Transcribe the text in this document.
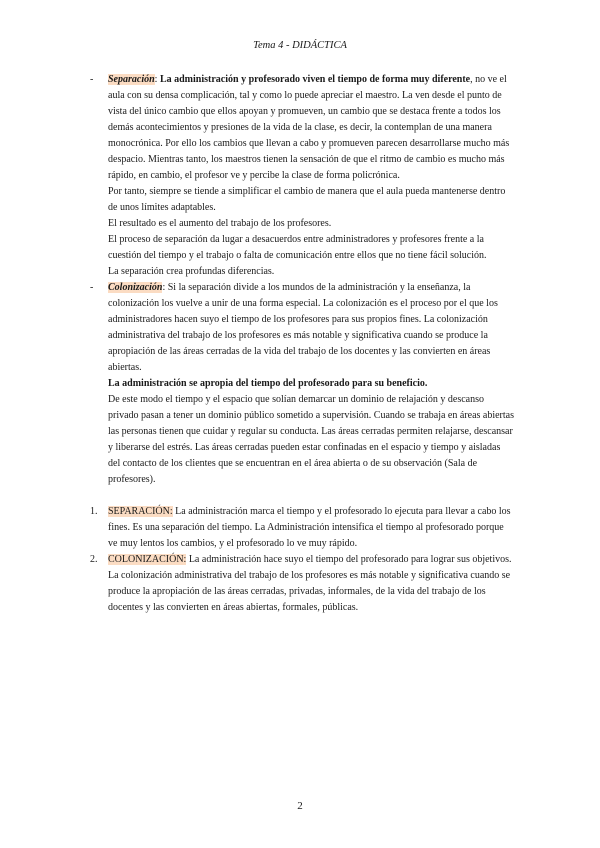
Tema 4 - DIDÁCTICA
- Separación: La administración y profesorado viven el tiempo de forma muy diferente, no ve el aula con su densa complicación, tal y como lo puede apreciar el maestro. La ven desde el punto de vista del único cambio que ellos apoyan y promueven, un cambio que se destaca frente a todos los demás acontecimientos y presiones de la vida de la clase, es decir, la contemplan de una manera monocrónica. Por ello los cambios que llevan a cabo y promueven parecen desarrollarse mucho más despacio. Mientras tanto, los maestros tienen la sensación de que el ritmo de cambio es mucho más rápido, en cambio, el profesor ve y percibe la clase de forma policrónica.

Por tanto, siempre se tiende a simplificar el cambio de manera que el aula pueda mantenerse dentro de unos límites adaptables.

El resultado es el aumento del trabajo de los profesores.

El proceso de separación da lugar a desacuerdos entre administradores y profesores frente a la cuestión del tiempo y el trabajo o falta de comunicación entre ellos que no tiene fácil solución.

La separación crea profundas diferencias.

- Colonización: Si la separación divide a los mundos de la administración y la enseñanza, la colonización los vuelve a unir de una forma especial. La colonización es el proceso por el que los administradores hacen suyo el tiempo de los profesores para sus propios fines. La colonización administrativa del trabajo de los profesores es más notable y significativa cuando se produce la apropiación de las áreas cerradas de la vida del trabajo de los docentes y las convierten en áreas abiertas.

La administración se apropia del tiempo del profesorado para su beneficio.

De este modo el tiempo y el espacio que solían demarcar un dominio de relajación y descanso privado pasan a tener un dominio público sometido a supervisión. Cuando se trabaja en áreas abiertas las personas tienen que cuidar y regular su conducta. Las áreas cerradas permiten relajarse, descansar y liberarse del estrés. Las áreas cerradas pueden estar confinadas en el espacio y tiempo y aisladas del contacto de los clientes que se encuentran en el área abierta o de su observación (Sala de profesores).

1. SEPARACIÓN: La administración marca el tiempo y el profesorado lo ejecuta para llevar a cabo los fines. Es una separación del tiempo. La Administración intensifica el tiempo al profesorado porque ve muy lentos los cambios, y el profesorado lo ve muy rápido.

2. COLONIZACIÓN: La administración hace suyo el tiempo del profesorado para lograr sus objetivos. La colonización administrativa del trabajo de los profesores es más notable y significativa cuando se produce la apropiación de las áreas cerradas, privadas, informales, de la vida del trabajo de los docentes y las convierten en áreas abiertas, formales, públicas.

2
